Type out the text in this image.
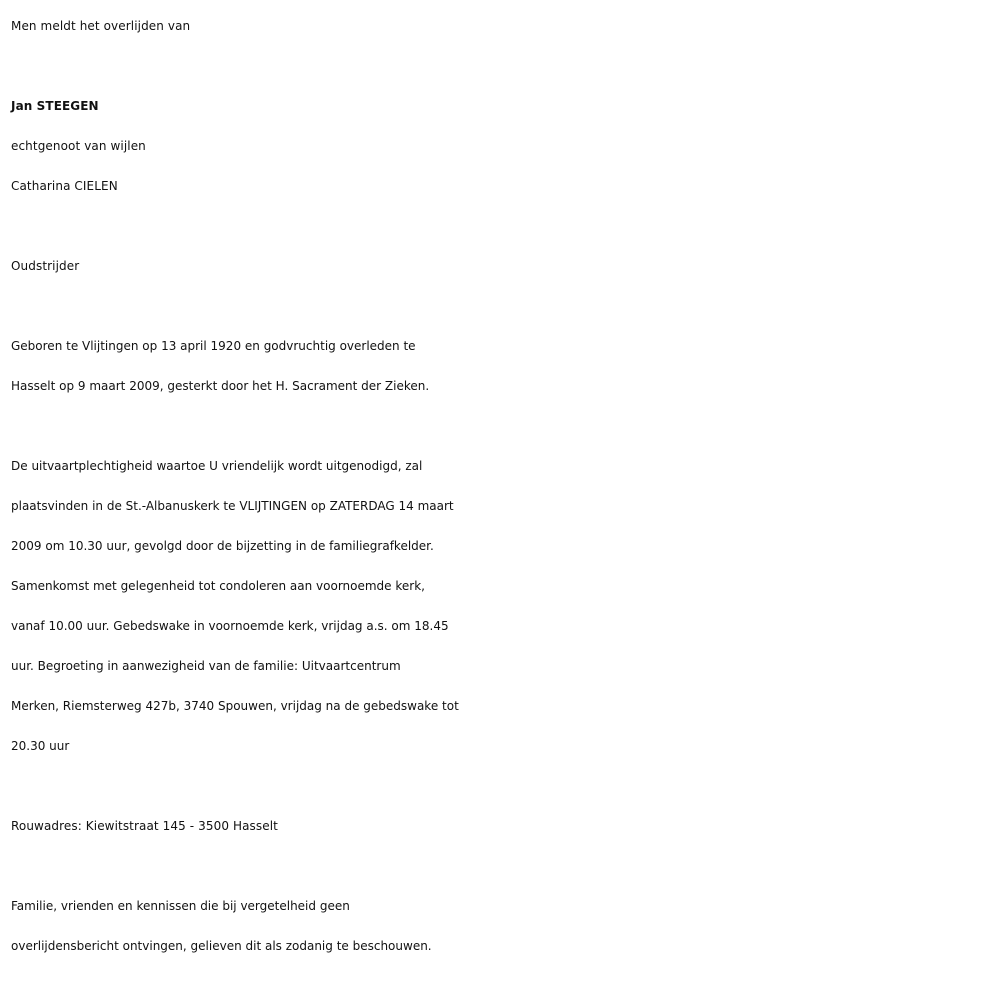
Men meldt het overlijden van

Jan STEEGEN

echtgenoot van wijlen

Catharina CIELEN

Oudstrijder

Geboren te Vlijtingen op 13 april 1920 en godvruchtig overleden te
Hasselt op 9 maart 2009, gesterkt door het H. Sacrament der Zieken.
De uitvaartplechtigheid waartoe U vriendelijk wordt uitgenodigd, zal
plaatsvinden in de St.-Albanuskerk te VLIJTINGEN op ZATERDAG 14 maart
2009 om 10.30 uur, gevolgd door de bijzetting in de familiegrafkelder.
Samenkomst met gelegenheid tot condoleren aan voornoemde kerk,
vanaf 10.00 uur. Gebedswake in voornoemde kerk, vrijdag a.s. om 18.45
uur. Begroeting in aanwezigheid van de familie: Uitvaartcentrum
Merken, Riemsterweg 427b, 3740 Spouwen, vrijdag na de gebedswake tot
20.30 uur

Rouwadres: Kiewitstraat 145 - 3500 Hasselt

Familie, vrienden en kennissen die bij vergetelheid geen
overlijdensbericht ontvingen, gelieven dit als zodanig te beschouwen.
